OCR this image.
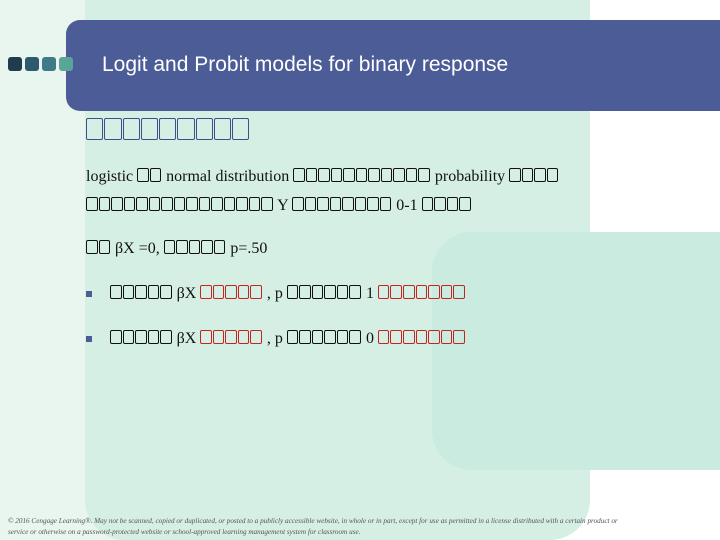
Logit and Probit models for binary response
logistic normal distribution	probability
Y	0-1
βX =0,	p=.50
βX	, p	1
βX	, p	0
© 2016 Cengage Learning®. May not be scanned, copied or duplicated, or posted to a publicly accessible website, in whole or in part, except for use as permitted in a license distributed with a certain product or service or otherwise on a password-protected website or school-approved learning management system for classroom use.
